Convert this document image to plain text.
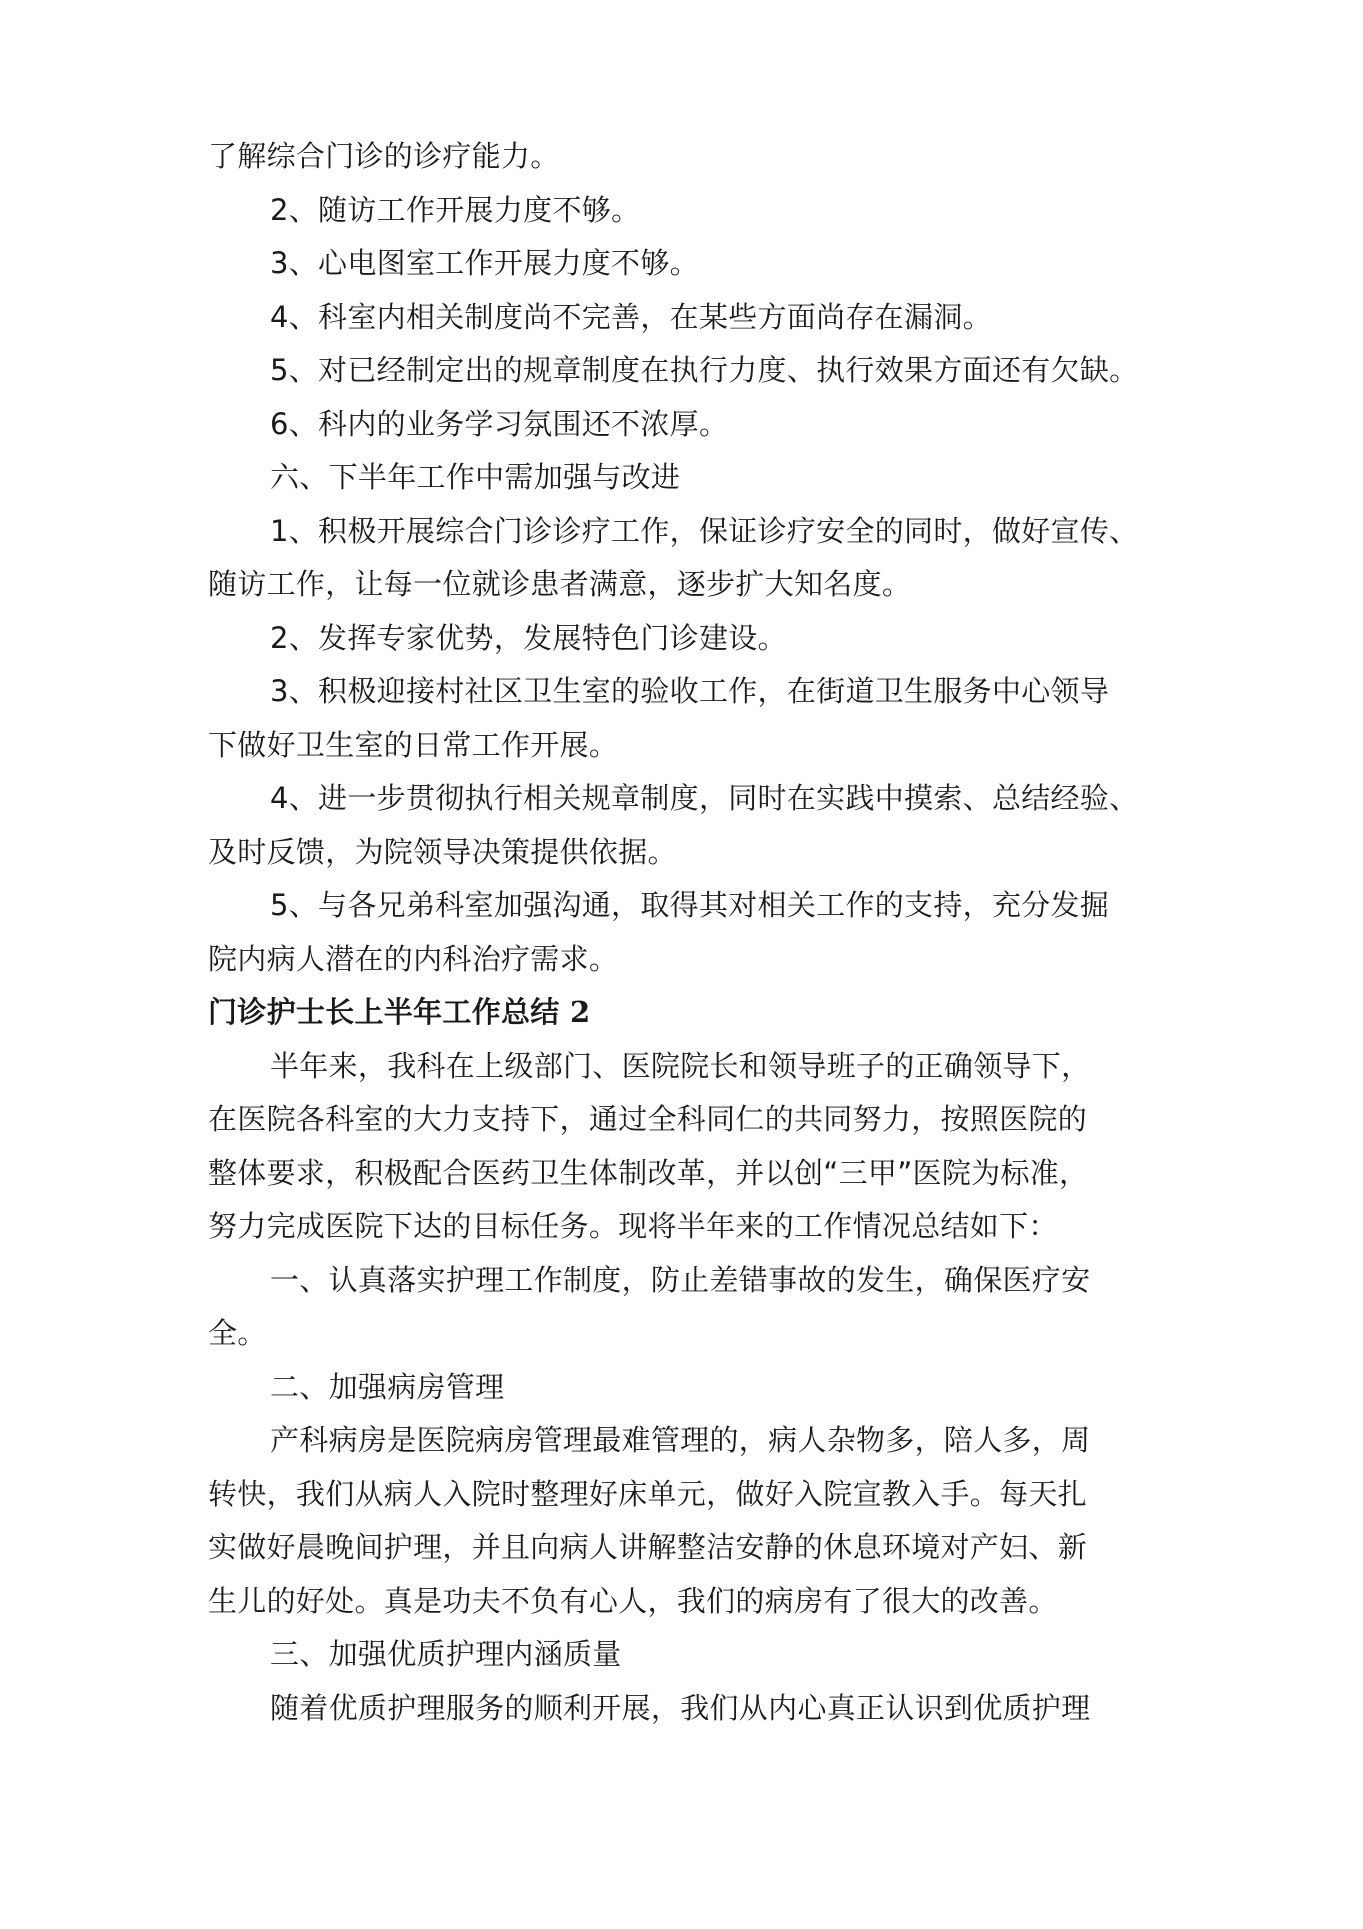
了解综合门诊的诊疗能力。
2、随访工作开展力度不够。
3、心电图室工作开展力度不够。
4、科室内相关制度尚不完善，在某些方面尚存在漏洞。
5、对已经制定出的规章制度在执行力度、执行效果方面还有欠缺。
6、科内的业务学习氛围还不浓厚。
六、下半年工作中需加强与改进
1、积极开展综合门诊诊疗工作，保证诊疗安全的同时，做好宣传、
随访工作，让每一位就诊患者满意，逐步扩大知名度。
2、发挥专家优势，发展特色门诊建设。
3、积极迎接村社区卫生室的验收工作，在街道卫生服务中心领导
下做好卫生室的日常工作开展。
4、进一步贯彻执行相关规章制度，同时在实践中摸索、总结经验、
及时反馈，为院领导决策提供依据。
5、与各兄弟科室加强沟通，取得其对相关工作的支持，充分发掘
院内病人潜在的内科治疗需求。
门诊护士长上半年工作总结 2
半年来，我科在上级部门、医院院长和领导班子的正确领导下，
在医院各科室的大力支持下，通过全科同仁的共同努力，按照医院的
整体要求，积极配合医药卫生体制改革，并以创“三甲”医院为标准，
努力完成医院下达的目标任务。现将半年来的工作情况总结如下：
一、认真落实护理工作制度，防止差错事故的发生，确保医疗安
全。
二、加强病房管理
产科病房是医院病房管理最难管理的，病人杂物多，陪人多，周
转快，我们从病人入院时整理好床单元，做好入院宣教入手。每天扎
实做好晨晚间护理，并且向病人讲解整洁安静的休息环境对产妇、新
生儿的好处。真是功夫不负有心人，我们的病房有了很大的改善。
三、加强优质护理内涵质量
随着优质护理服务的顺利开展，我们从内心真正认识到优质护理
